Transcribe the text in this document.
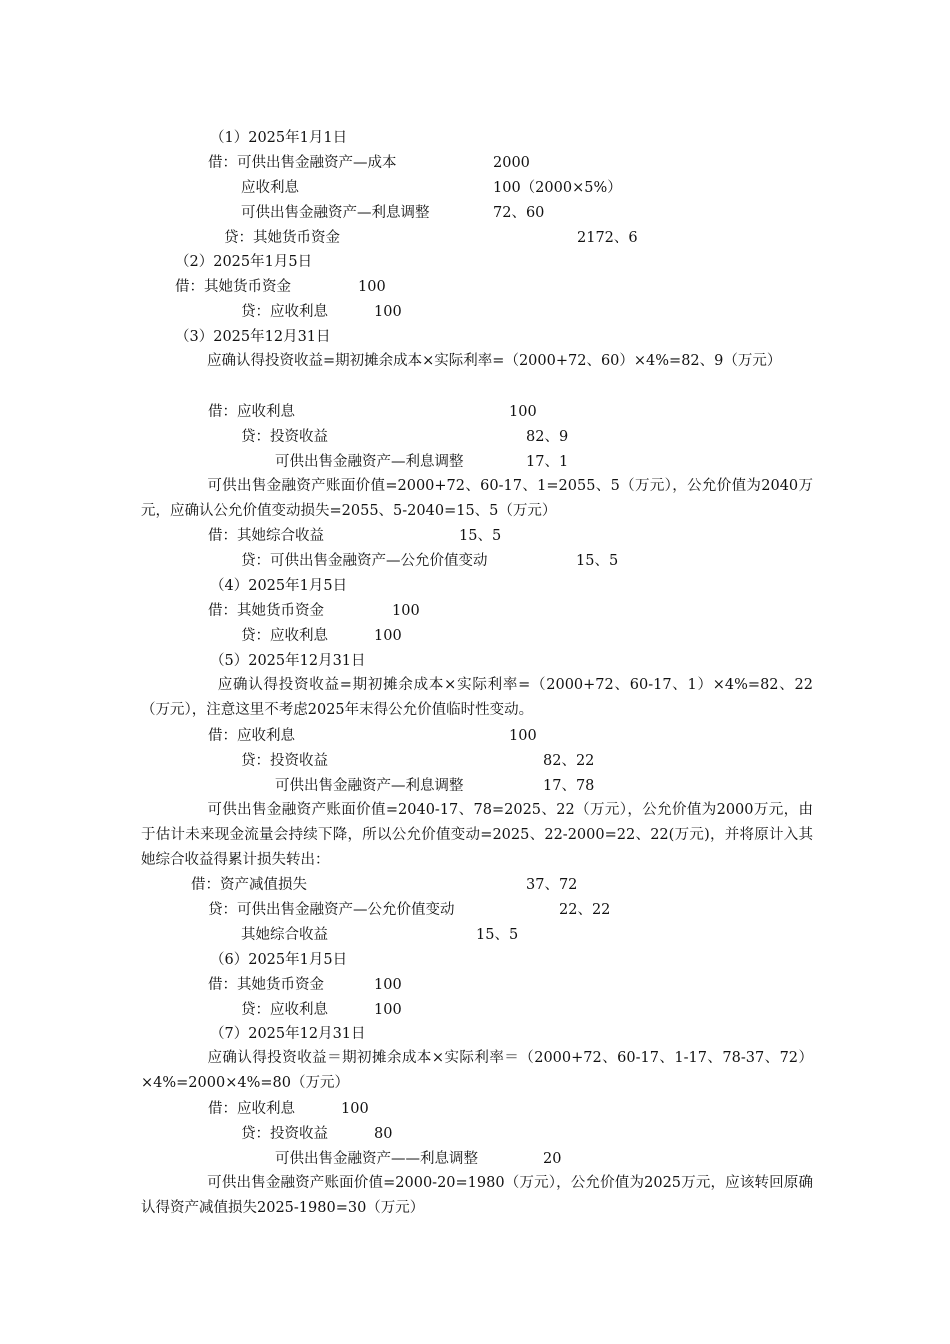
（1）2025年1月1日
借：可供出售金融资产—成本	2000
应收利息	100（2000×5%）
可供出售金融资产—利息调整	72、60
贷：其她货币资金	2172、6
（2）2025年1月5日
借：其她货币资金	100
贷：应收利息	100
（3）2025年12月31日

应确认得投资收益=期初摊余成本×实际利率=（2000+72、60）×4%=82、9（万元）

借：应收利息	100
贷：投资收益	82、9
可供出售金融资产—利息调整	17、1

可供出售金融资产账面价值=2000+72、60-17、1=2055、5（万元），公允价值为2040万元，应确认公允价值变动损失=2055、5-2040=15、5（万元）

借：其她综合收益	15、5
贷：可供出售金融资产—公允价值变动	15、5
（4）2025年1月5日
借：其她货币资金	100
贷：应收利息	100
（5）2025年12月31日

应确认得投资收益=期初摊余成本×实际利率=（2000+72、60-17、1）×4%=82、22（万元），注意这里不考虑2025年末得公允价值临时性变动。

借：应收利息	100
贷：投资收益	82、22
可供出售金融资产—利息调整	17、78

可供出售金融资产账面价值=2040-17、78=2025、22（万元），公允价值为2000万元，由于估计未来现金流量会持续下降，所以公允价值变动=2025、22-2000=22、22(万元)，并将原计入其她综合收益得累计损失转出：

借：资产减值损失	37、72
贷：可供出售金融资产—公允价值变动	22、22
其她综合收益	15、5
（6）2025年1月5日
借：其她货币资金	100
贷：应收利息	100
（7）2025年12月31日

应确认得投资收益＝期初摊余成本×实际利率＝（2000+72、60-17、1-17、78-37、72）×4%=2000×4%=80（万元）

借：应收利息	100
贷：投资收益	80
可供出售金融资产——利息调整	20

可供出售金融资产账面价值=2000-20=1980（万元），公允价值为2025万元，应该转回原确认得资产减值损失2025-1980=30（万元）
